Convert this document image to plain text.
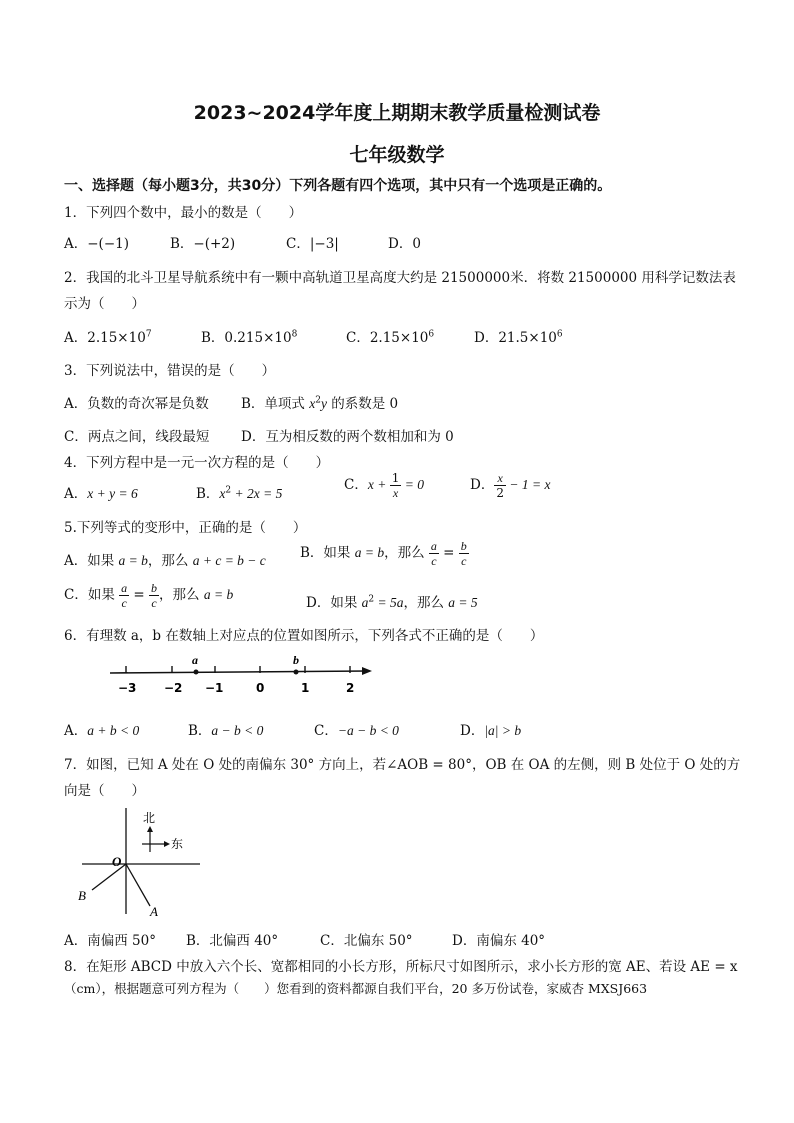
2023~2024学年度上期期末教学质量检测试卷
七年级数学
一、选择题（每小题3分，共30分）下列各题有四个选项，其中只有一个选项是正确的。
1．下列四个数中，最小的数是（　　）
A．−(−1)	B．−(+2)	C．|−3|	D．0
2．我国的北斗卫星导航系统中有一颗中高轨道卫星高度大约是 21500000米．将数 21500000 用科学记数法表
示为（　　）
A．$2.15\times 10^7$	B．$0.215\times 10^8$	C．$2.15\times 10^6$	D．$21.5\times 10^6$
3．下列说法中，错误的是（　　）
A．负数的奇次幂是负数 B．单项式 $x^2y$ 的系数是 0
C．两点之间，线段最短 D．互为相反数的两个数相加和为 0
4．下列方程中是一元一次方程的是（　　）
A．x + y = 6	B．$x^2 + 2x = 5$
C．$x + \frac{1}{x} = 0$	D． $\frac{x}{2} - 1 = x$
5.下列等式的变形中，正确的是（　　）
A．如果 a = b，那么 a + c = b − c	B．如果 a = b，那么 $\frac{a}{c} = \frac{b}{c}$
C．如果 $\frac{a}{c} = \frac{b}{c}$ ，那么 a = b
D．如果 $a^2 = 5a$，那么 a = 5
6．有理数 a，b 在数轴上对应点的位置如图所示，下列各式不正确的是（　　）
a	b
−3 −2 −1	0	1	2
A．a + b < 0	B．a − b < 0	C．−a − b < 0	D．|a| > b
7．如图，已知 A 处在 O 处的南偏东 30° 方向上，若∠AOB = 80°，OB 在 OA 的左侧，则 B 处位于 O 处的方
向是（　　）
北
东
O
B
A
A．南偏西 50° B．北偏西 40°	C．北偏东 50°	D．南偏东 40°
8．在矩形 ABCD 中放入六个长、宽都相同的小长方形，所标尺寸如图所示，求小长方形的宽 AE、若设 AE = x
（cm），根据题意可列方程为（　　）您看到的资料都源自我们平台，20 多万份试卷，家威杏 MXSJ663
